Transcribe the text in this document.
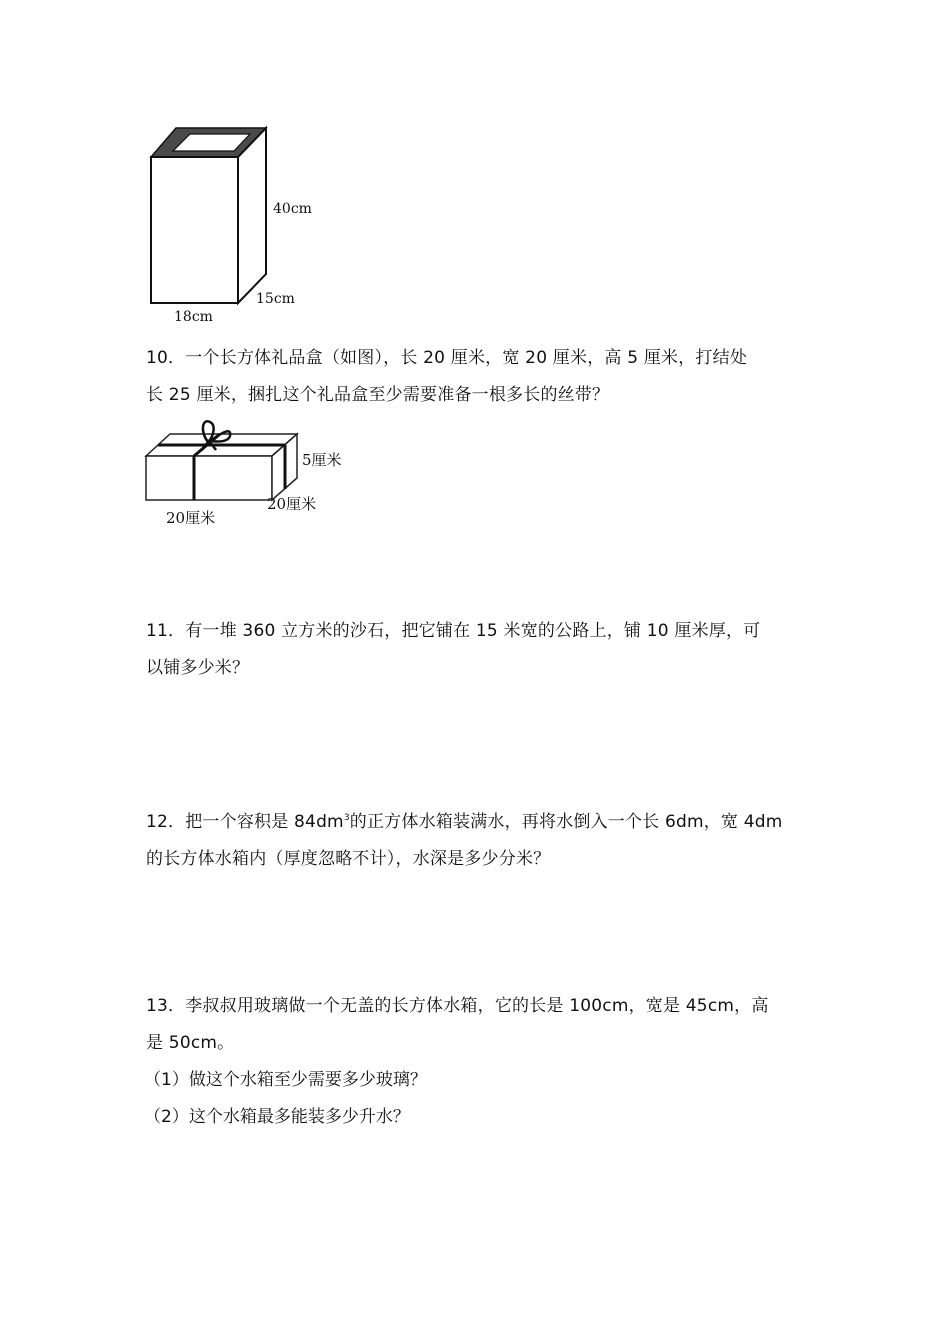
40cm
15cm
18cm
10．一个长方体礼品盒（如图），长 20 厘米，宽 20 厘米，高 5 厘米，打结处
长 25 厘米，捆扎这个礼品盒至少需要准备一根多长的丝带？
5厘米
20厘米
20厘米
11．有一堆 360 立方米的沙石，把它铺在 15 米宽的公路上，铺 10 厘米厚，可
以铺多少米？
12．把一个容积是 $84dm^3$的正方体水箱装满水，再将水倒入一个长 6dm，宽 4dm
的长方体水箱内（厚度忽略不计），水深是多少分米？
13．李叔叔用玻璃做一个无盖的长方体水箱，它的长是 100cm，宽是 45cm，高
是 50cm。
（1）做这个水箱至少需要多少玻璃？
（2）这个水箱最多能装多少升水？
